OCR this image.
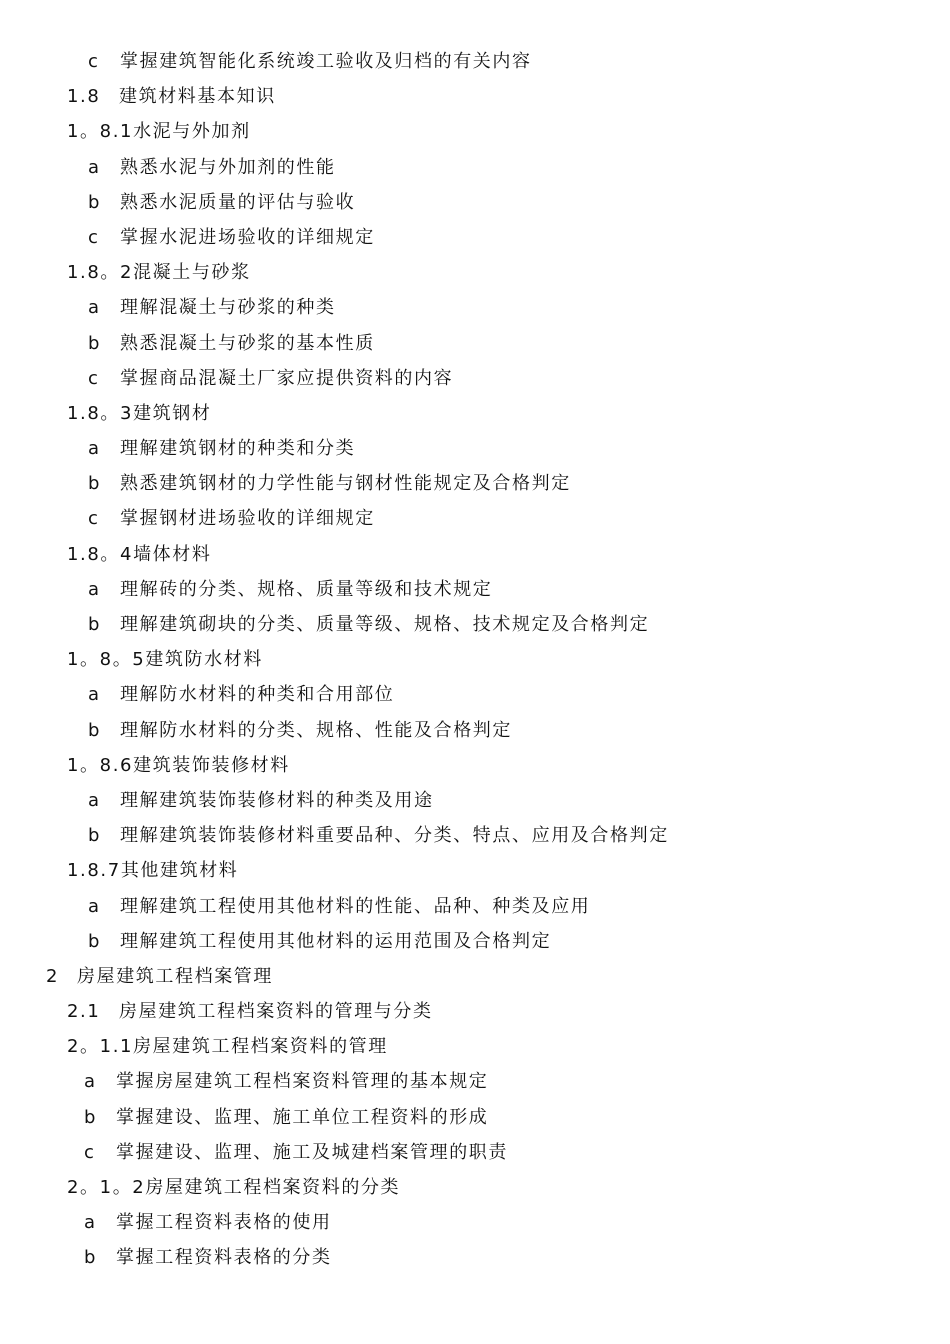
c 掌握建筑智能化系统竣工验收及归档的有关内容
1.8 建筑材料基本知识
1。8.1水泥与外加剂
a 熟悉水泥与外加剂的性能
b 熟悉水泥质量的评估与验收
c 掌握水泥进场验收的详细规定
1.8。2混凝土与砂浆
a 理解混凝土与砂浆的种类
b 熟悉混凝土与砂浆的基本性质
c 掌握商品混凝土厂家应提供资料的内容
1.8。3建筑钢材
a 理解建筑钢材的种类和分类
b 熟悉建筑钢材的力学性能与钢材性能规定及合格判定
c 掌握钢材进场验收的详细规定
1.8。4墙体材料
a 理解砖的分类、规格、质量等级和技术规定
b 理解建筑砌块的分类、质量等级、规格、技术规定及合格判定
1。8。5建筑防水材料
a 理解防水材料的种类和合用部位
b 理解防水材料的分类、规格、性能及合格判定
1。8.6建筑装饰装修材料
a 理解建筑装饰装修材料的种类及用途
b 理解建筑装饰装修材料重要品种、分类、特点、应用及合格判定
1.8.7其他建筑材料
a 理解建筑工程使用其他材料的性能、品种、种类及应用
b 理解建筑工程使用其他材料的运用范围及合格判定
2 房屋建筑工程档案管理
2.1 房屋建筑工程档案资料的管理与分类
2。1.1房屋建筑工程档案资料的管理
a 掌握房屋建筑工程档案资料管理的基本规定
b 掌握建设、监理、施工单位工程资料的形成
c 掌握建设、监理、施工及城建档案管理的职责
2。1。2房屋建筑工程档案资料的分类
a 掌握工程资料表格的使用
b 掌握工程资料表格的分类
